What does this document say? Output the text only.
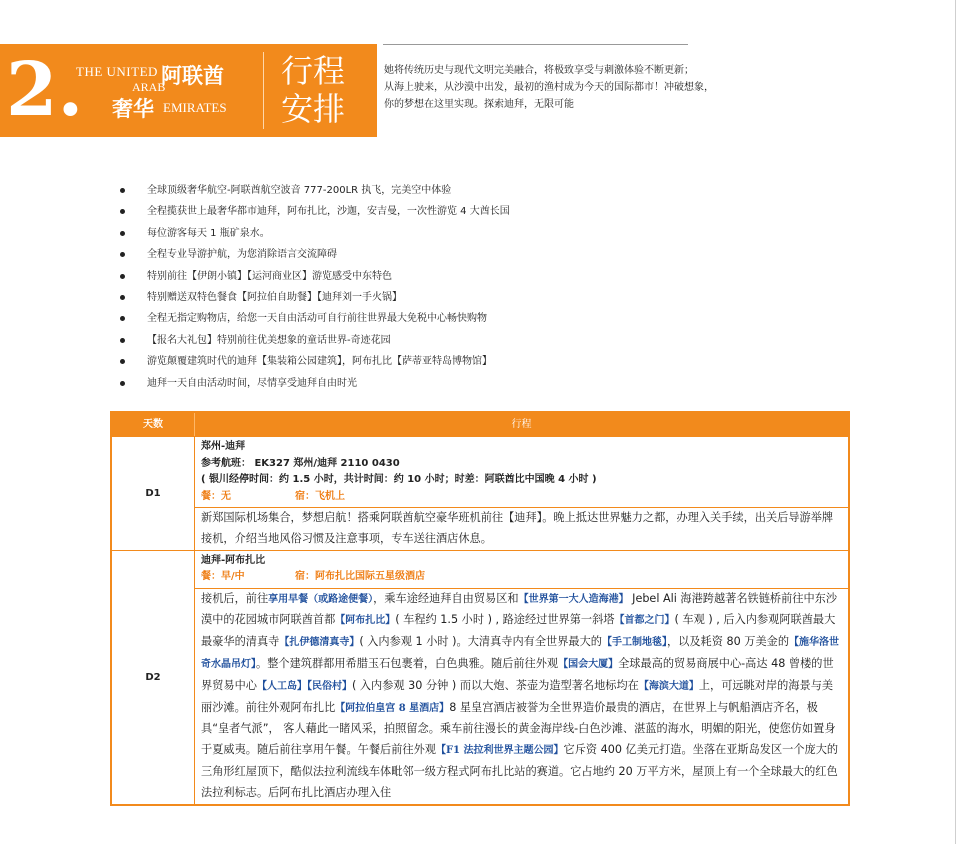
2.
THE UNITED
ARAB
EMIRATES
阿联酋
奢华
行程
安排
她将传统历史与现代文明完美融合，将极致享受与刺激体验不断更新；
从海上驶来，从沙漠中出发，最初的渔村成为今天的国际都市！冲破想象，
你的梦想在这里实现。探索迪拜，无限可能
全球顶级奢华航空-阿联酋航空波音 777-200LR 执飞，完美空中体验
全程揽获世上最奢华都市迪拜，阿布扎比，沙迦，安吉曼，一次性游览 4 大酋长国
每位游客每天 1 瓶矿泉水。
全程专业导游护航，为您消除语言交流障碍
特别前往【伊朗小镇】【运河商业区】游览感受中东特色
特别赠送双特色餐食【阿拉伯自助餐】【迪拜刘一手火锅】
全程无指定购物店，给您一天自由活动可自行前往世界最大免税中心畅快购物
【报名大礼包】特别前往优美想象的童话世界-奇迹花园
游览颠覆建筑时代的迪拜【集装箱公园建筑】，阿布扎比【萨蒂亚特岛博物馆】
迪拜一天自由活动时间，尽情享受迪拜自由时光
天数	行程
D1
郑州-迪拜
参考航班： EK327 郑州/迪拜 2110 0430
( 银川经停时间：约 1.5 小时，共计时间：约 10 小时；时差：阿联酋比中国晚 4 小时 )
餐：无	宿：飞机上
新郑国际机场集合，梦想启航！搭乘阿联酋航空豪华班机前往【迪拜】。晚上抵达世界魅力之都，办理入关手续，出关后导游举牌接机，介绍当地风俗习惯及注意事项，专车送往酒店休息。
D2
迪拜-阿布扎比
餐：早/中	宿：阿布扎比国际五星级酒店
接机后，前往享用早餐（或路途便餐），乘车途经迪拜自由贸易区和【世界第一大人造海港】 Jebel Ali 海港跨越著名铁链桥前往中东沙漠中的花园城市阿联酋首都【阿布扎比】( 车程约 1.5 小时 ) , 路途经过世界第一斜塔【首都之门】( 车观 ) , 后入内参观阿联酋最大最豪华的清真寺【扎伊德清真寺】( 入内参观 1 小时 )。大清真寺内有全世界最大的【手工制地毯】，以及耗资 80 万美金的【施华洛世奇水晶吊灯】。整个建筑群都用希腊玉石包裹着，白色典雅。随后前往外观【国会大厦】全球最高的贸易商展中心-高达 48 曾楼的世界贸易中心【人工岛】【民俗村】( 入内参观 30 分钟 ) 而以大炮、茶壶为造型著名地标均在【海滨大道】上，可远眺对岸的海景与美丽沙滩。前往外观阿布扎比【阿拉伯皇宫 8 星酒店】8 星皇宫酒店被誉为全世界造价最贵的酒店，在世界上与帆船酒店齐名，极具“皇者气派”， 客人藉此一睹风采，拍照留念。乘车前往漫长的黄金海岸线-白色沙滩、湛蓝的海水，明媚的阳光，使您仿如置身于夏威夷。随后前往享用午餐。午餐后前往外观【F1 法拉利世界主题公园】它斥资 400 亿美元打造。坐落在亚斯岛发区一个庞大的三角形红屋顶下，酷似法拉利流线车体毗邻一级方程式阿布扎比站的赛道。它占地约 20 万平方米，屋顶上有一个全球最大的红色法拉利标志。后阿布扎比酒店办理入住
